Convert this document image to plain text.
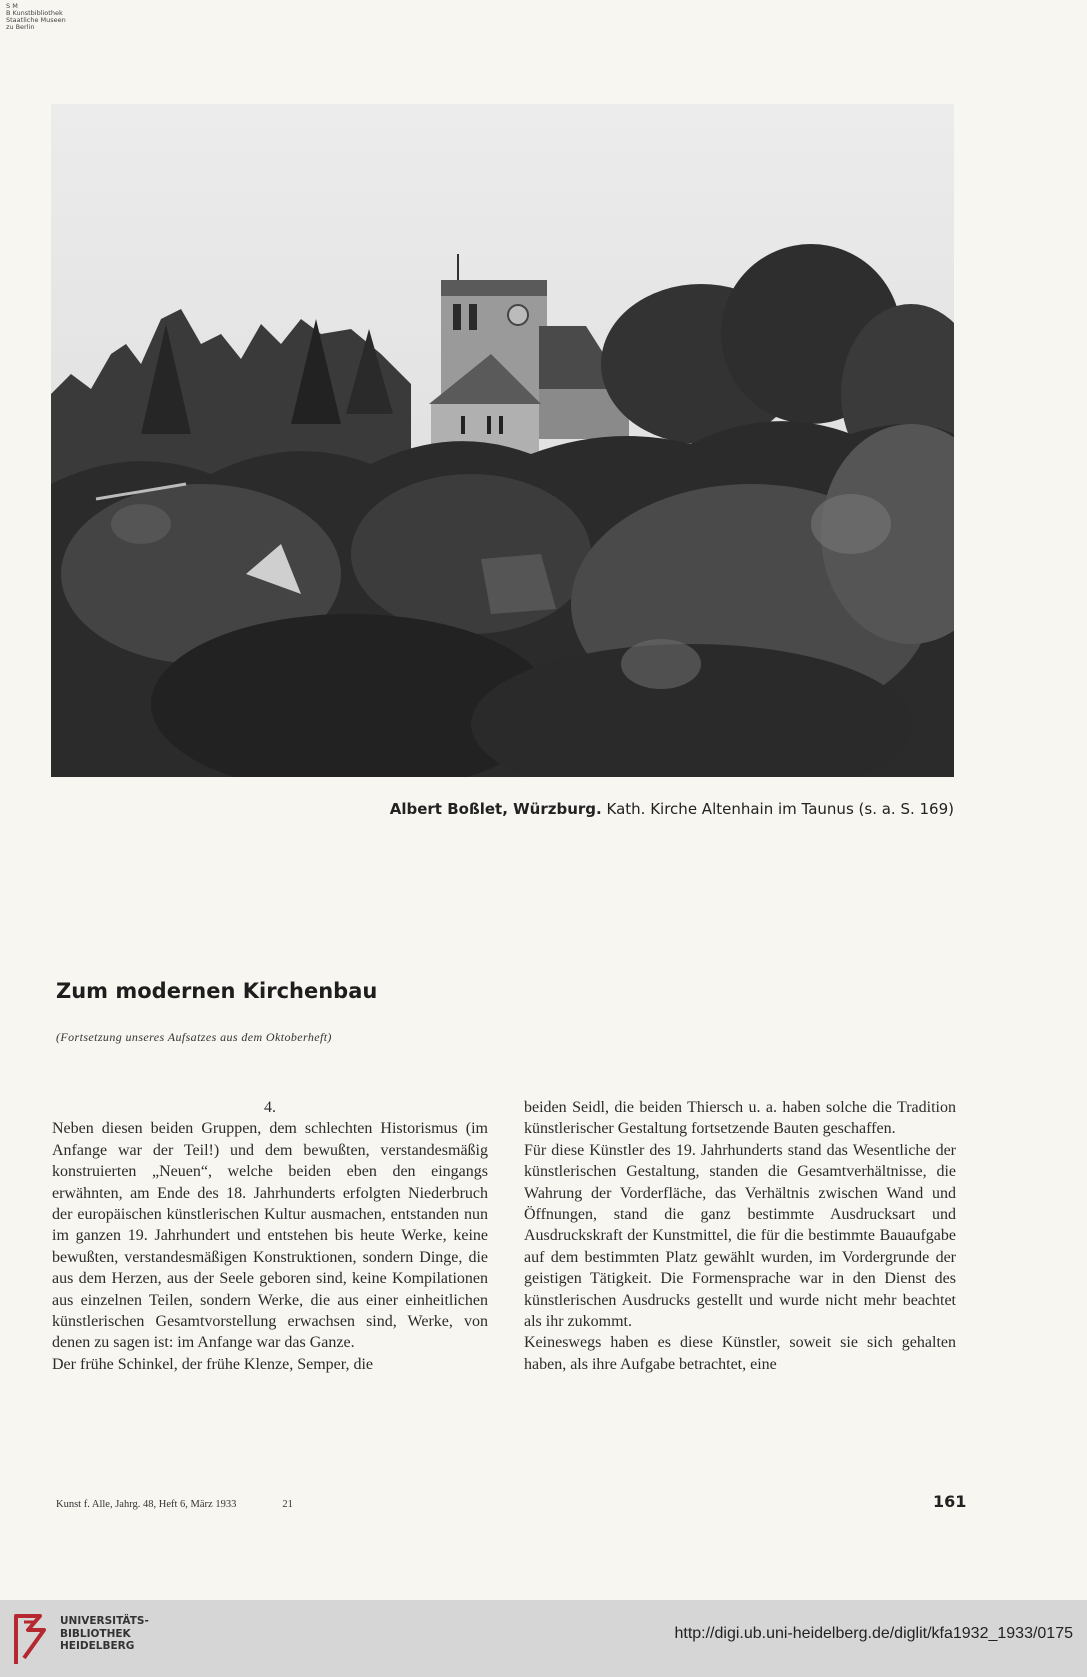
S M
B Kunstbibliothek
Staatliche Museen
zu Berlin
Albert Boßlet, Würzburg. Kath. Kirche Altenhain im Taunus (s. a. S. 169)
Zum modernen Kirchenbau
(Fortsetzung unseres Aufsatzes aus dem Oktoberheft)

4.

Neben diesen beiden Gruppen, dem schlechten Historismus (im Anfange war der Teil!) und dem bewußten, verstandesmäßig konstruierten „Neuen“, welche beiden eben den eingangs erwähnten, am Ende des 18. Jahrhunderts erfolgten Niederbruch der europäischen künstlerischen Kultur ausmachen, entstanden nun im ganzen 19. Jahrhundert und entstehen bis heute Werke, keine bewußten, verstandesmäßigen Konstruktionen, sondern Dinge, die aus dem Herzen, aus der Seele geboren sind, keine Kompilationen aus einzelnen Teilen, sondern Werke, die aus einer einheitlichen künstlerischen Gesamtvorstellung erwachsen sind, Werke, von denen zu sagen ist: im Anfange war das Ganze.

Der frühe Schinkel, der frühe Klenze, Semper, die

beiden Seidl, die beiden Thiersch u. a. haben solche die Tradition künstlerischer Gestaltung fortsetzende Bauten geschaffen.

Für diese Künstler des 19. Jahrhunderts stand das Wesentliche der künstlerischen Gestaltung, standen die Gesamtverhältnisse, die Wahrung der Vorderfläche, das Verhältnis zwischen Wand und Öffnungen, stand die ganz bestimmte Ausdrucksart und Ausdruckskraft der Kunstmittel, die für die bestimmte Bauaufgabe auf dem bestimmten Platz gewählt wurden, im Vordergrunde der geistigen Tätigkeit. Die Formensprache war in den Dienst des künstlerischen Ausdrucks gestellt und wurde nicht mehr beachtet als ihr zukommt.

Keineswegs haben es diese Künstler, soweit sie sich gehalten haben, als ihre Aufgabe betrachtet, eine

Kunst f. Alle, Jahrg. 48, Heft 6, März 1933	21	161
UNIVERSITÄTS-
BIBLIOTHEK
HEIDELBERG
http://digi.ub.uni-heidelberg.de/diglit/kfa1932_1933/0175
